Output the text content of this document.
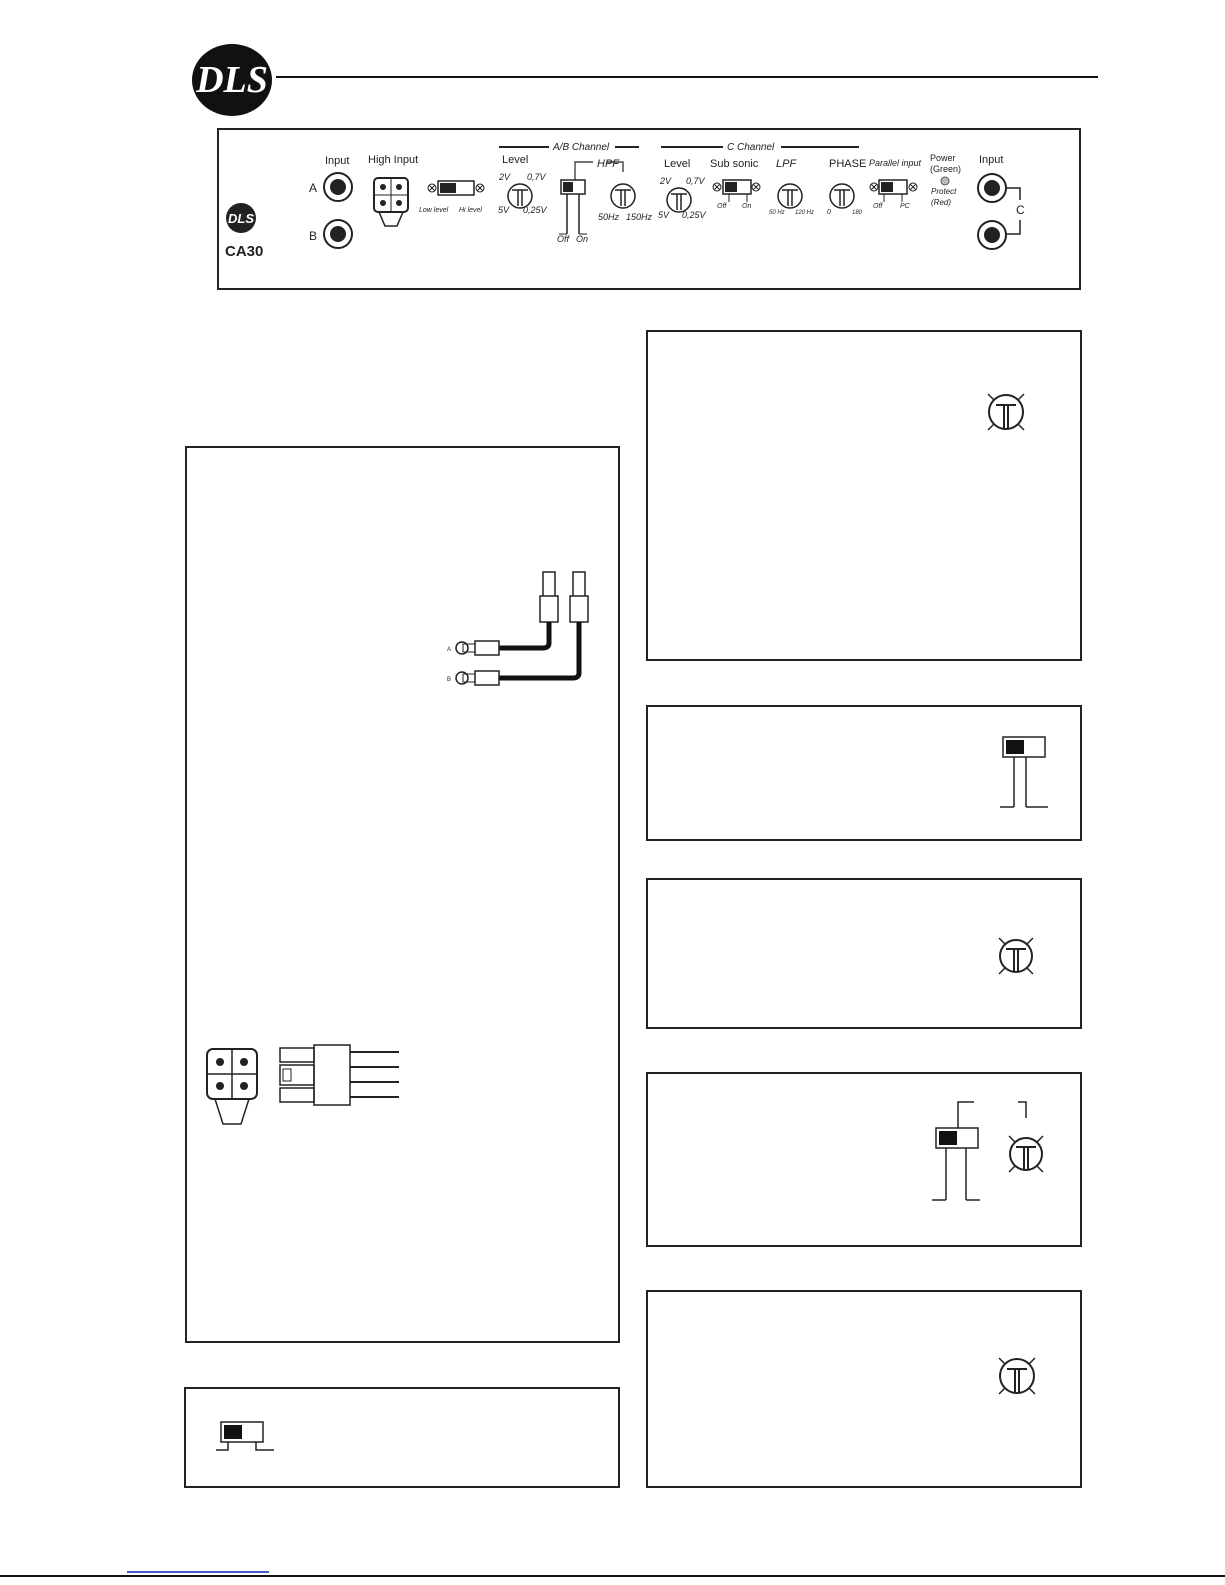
DLS
DLS
CA30
Input
A
B
High Input
Low level Hi level
A/B Channel
Level
2V 0,7V
5V 0,25V
HPF
Off On
50Hz 150Hz
C Channel
Level
2V 0,7V
5V 0,25V
Sub sonic
Off On
LPF
50 Hz 120 Hz
PHASE
0	180
Parallel input
Off	PC
Power
(Green)
Protect
(Red)
Input
C
A
B
